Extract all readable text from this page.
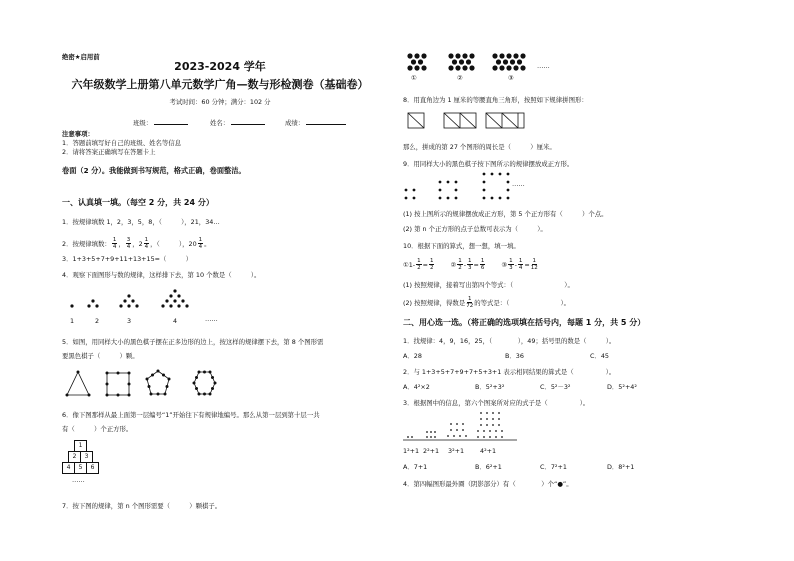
绝密★启用前
2023-2024 学年
六年级数学上册第八单元数学广角—数与形检测卷（基础卷）
考试时间：60 分钟；满分：102 分
班级：	姓名：	成绩：
注意事项：
1．答题前填写好自己的班级、姓名等信息
2．请将答案正确填写在答题卡上
卷面（2 分）。我能做到书写规范，格式正确，卷面整洁。
一、认真填一填。（每空 2 分，共 24 分）
1．按规律填数 1，2，3，5，8，（　　　），21，34…
2．按规律填数： 1
4 ， 3
4 ， 2 1
4 ，（　　　）， 20 1
4 。
3．1+3+5+7+9+11+13+15=（　　　）
4．观察下面图形与数的规律，这样排下去，第 10 个数是（　　　）。
1	2	3	4	……
5．如图，用同样大小的黑色棋子摆在正多边形的边上，按这样的规律摆下去，第 8 个图形需
要黑色棋子（　　　）颗。
6．像下图那样从最上面第一层编号“1”开始往下有规律地编号。那么从第一层到第十层一共
有（　　　）个正方形。
1
2	3
4	5	6
……
7．按下图的规律，第 n 个图形需要（　　　）颗棋子。
①	②	③
……
8．用直角边为 1 厘米的等腰直角三角形，按照如下规律拼图形：
那么，拼成的第 27 个图形的周长是（　　　）厘米。
9．用同样大小的黑色棋子按下图所示的规律摆放成正方形。
……
(1) 按上图所示的规律摆放成正方形，第 5 个正方形有（　　　）个点。
(2) 第 n 个正方形的点子总数可表示为（　　　）。
10．根据下面的算式，想一想，填一填。
①1- $\frac{1}{2} = \frac{1}{2}$	② 1
$2 - \frac{1}{3} = \frac{1}{6}$	③ 1
$3 - \frac{1}{4} = \frac{1}{12}$
(1) 按照规律，接着写出第四个等式：（　　　　　　　　）。
(2) 按照规律，得数是 1
72 的等式是：（　　　　　　　　）。
二、用心选一选。（将正确的选项填在括号内，每题 1 分，共 5 分）
1．找规律：4，9，16，25，（　　　　），49；括号里的数是（　　　）。
A．28	B．36	C．45
2．与 1+3+5+7+9+7+5+3+1 表示相同结果的算式是（　　　　　）。
A．4²×2	B．5²+3²	C．5²－3²	D．5²+4²
3．根据图中的信息，第六个图案所对应的式子是（　　　　　）。
1²+1 2²+1 3²+1 4²+1
A．7+1	B．6²+1	C．7²+1	D．8²+1
4．第四幅图形最外圈（阴影部分）有（　　　　）个“●”。
